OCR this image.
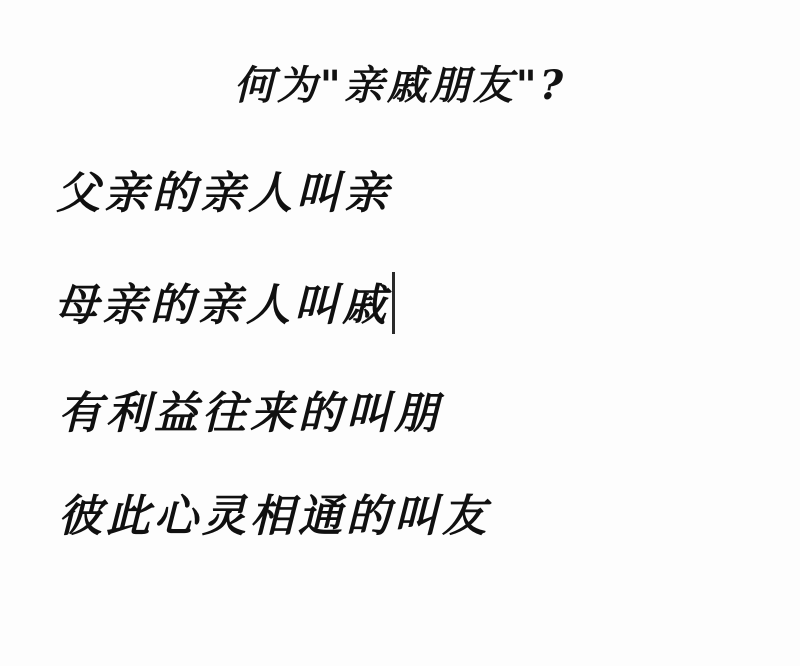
何为"亲戚朋友"?
父亲的亲人叫亲
母亲的亲人叫戚
有利益往来的叫朋
彼此心灵相通的叫友
